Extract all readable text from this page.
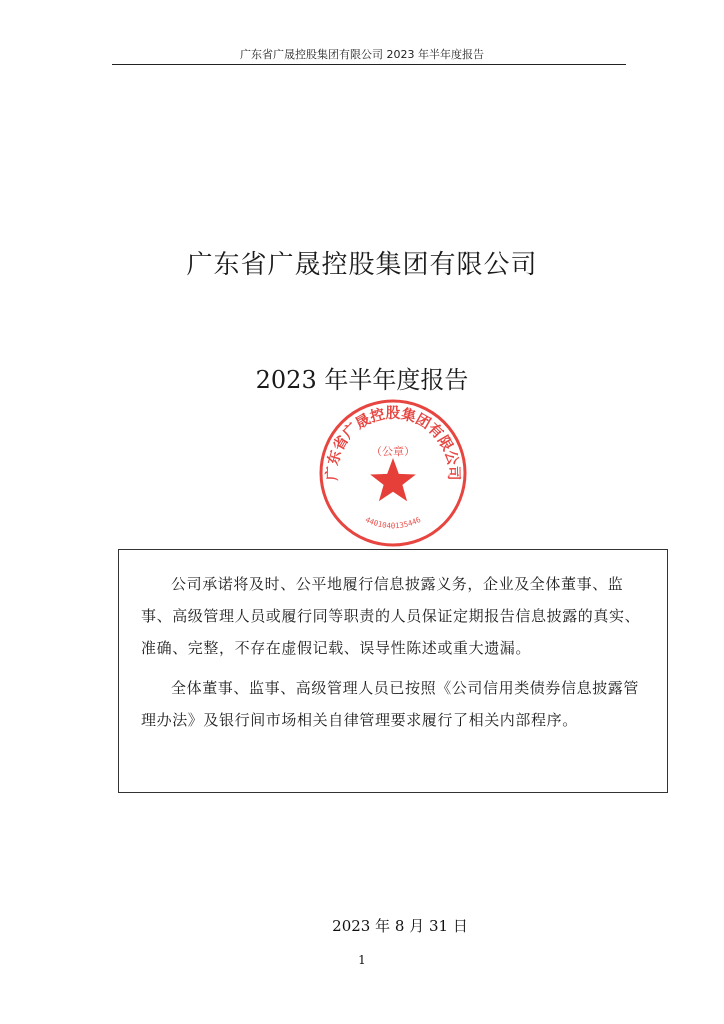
广东省广晟控股集团有限公司 2023 年半年度报告
广东省广晟控股集团有限公司
2023 年半年度报告
广东省广晟控股集团有限公司
4401040135446
（公章）

公司承诺将及时、公平地履行信息披露义务，企业及全体董事、监事、高级管理人员或履行同等职责的人员保证定期报告信息披露的真实、准确、完整，不存在虚假记载、误导性陈述或重大遗漏。

全体董事、监事、高级管理人员已按照《公司信用类债券信息披露管理办法》及银行间市场相关自律管理要求履行了相关内部程序。

2023 年 8 月 31 日
1
